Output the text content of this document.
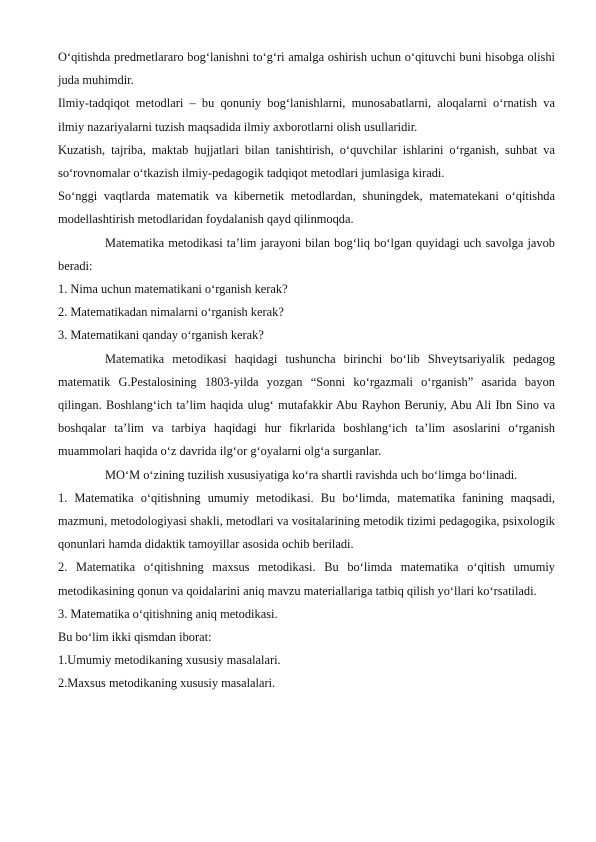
O‘qitishda predmetlararo bog‘lanishni to‘g‘ri amalga oshirish uchun o‘qituvchi buni hisobga olishi juda muhimdir.

Ilmiy-tadqiqot metodlari – bu qonuniy bog‘lanishlarni, munosabatlarni, aloqalarni o‘rnatish va ilmiy nazariyalarni tuzish maqsadida ilmiy axborotlarni olish usullaridir.

Kuzatish, tajriba, maktab hujjatlari bilan tanishtirish, o‘quvchilar ishlarini o‘rganish, suhbat va so‘rovnomalar o‘tkazish ilmiy-pedagogik tadqiqot metodlari jumlasiga kiradi.

So‘nggi vaqtlarda matematik va kibernetik metodlardan, shuningdek, matematekani o‘qitishda modellashtirish metodlaridan foydalanish qayd qilinmoqda.

Matematika metodikasi ta’lim jarayoni bilan bog‘liq bo‘lgan quyidagi uch savolga javob beradi:

1. Nima uchun matematikani o‘rganish kerak?

2. Matematikadan nimalarni o‘rganish kerak?

3. Matematikani qanday o‘rganish kerak?

Matematika metodikasi haqidagi tushuncha birinchi bo‘lib Shveytsariyalik pedagog matematik G.Pestalosining 1803-yilda yozgan “Sonni ko‘rgazmali o‘rganish” asarida bayon qilingan. Boshlang‘ich ta’lim haqida ulug‘ mutafakkir Abu Rayhon Beruniy, Abu Ali Ibn Sino va boshqalar ta’lim va tarbiya haqidagi hur fikrlarida boshlang‘ich ta’lim asoslarini o‘rganish muammolari haqida o‘z davrida ilg‘or g‘oyalarni olg‘a surganlar.

MO‘M o‘zining tuzilish xususiyatiga ko‘ra shartli ravishda uch bo‘limga bo‘linadi.

1. Matematika o‘qitishning umumiy metodikasi. Bu bo‘limda, matematika fanining maqsadi, mazmuni, metodologiyasi shakli, metodlari va vositalarining metodik tizimi pedagogika, psixologik qonunlari hamda didaktik tamoyillar asosida ochib beriladi.

2. Matematika o‘qitishning maxsus metodikasi. Bu bo‘limda matematika o‘qitish umumiy metodikasining qonun va qoidalarini aniq mavzu materiallariga tatbiq qilish yo‘llari ko‘rsatiladi.

3. Matematika o‘qitishning aniq metodikasi.

Bu bo‘lim ikki qismdan iborat:

1.Umumiy metodikaning xususiy masalalari.

2.Maxsus metodikaning xususiy masalalari.
